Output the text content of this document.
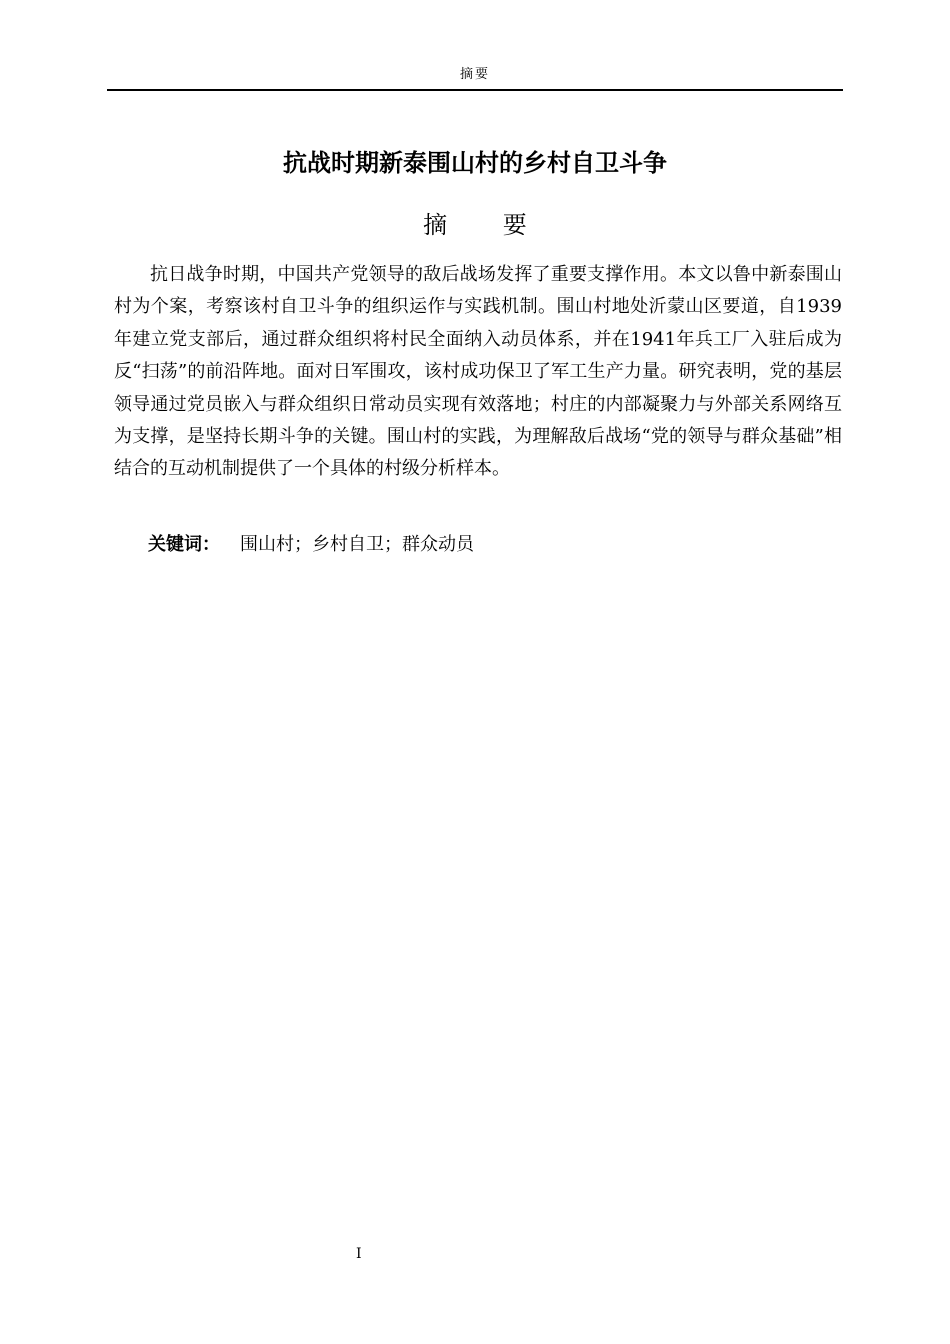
摘要
抗战时期新泰围山村的乡村自卫斗争
摘 要

抗日战争时期，中国共产党领导的敌后战场发挥了重要支撑作用。本文以鲁中新泰围山村为个案，考察该村自卫斗争的组织运作与实践机制。围山村地处沂蒙山区要道，自1939年建立党支部后，通过群众组织将村民全面纳入动员体系，并在1941年兵工厂入驻后成为反“扫荡”的前沿阵地。面对日军围攻，该村成功保卫了军工生产力量。研究表明，党的基层领导通过党员嵌入与群众组织日常动员实现有效落地；村庄的内部凝聚力与外部关系网络互为支撑，是坚持长期斗争的关键。围山村的实践，为理解敌后战场“党的领导与群众基础”相结合的互动机制提供了一个具体的村级分析样本。

关键词： 围山村；乡村自卫；群众动员
I
